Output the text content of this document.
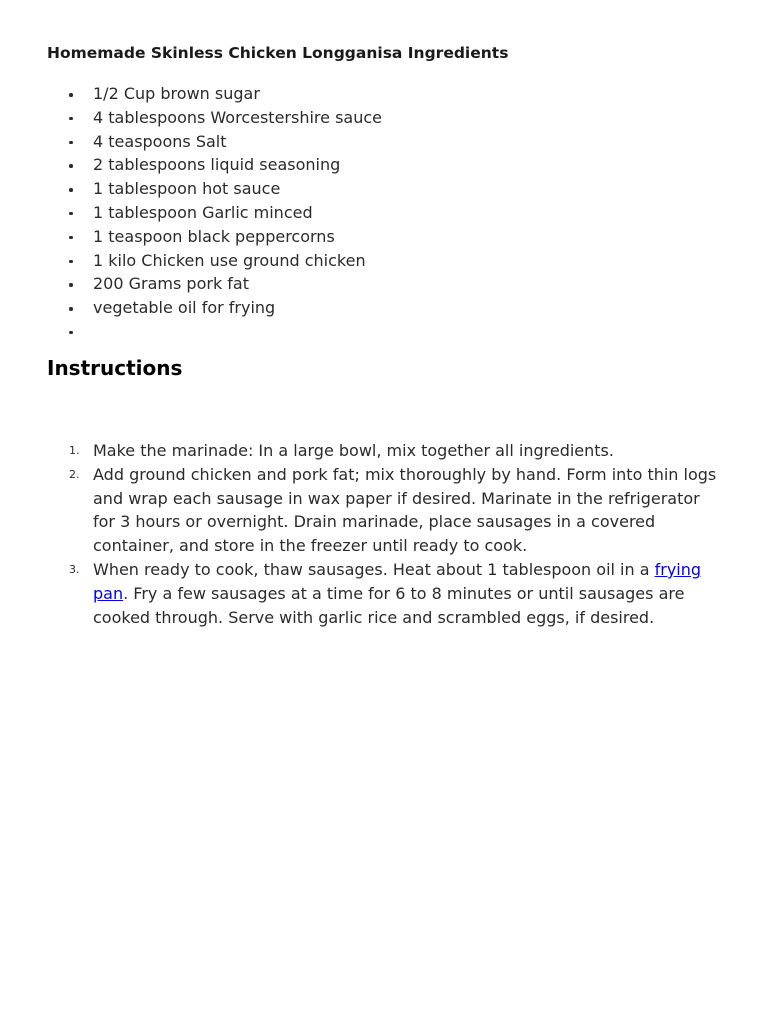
Homemade Skinless Chicken Longganisa Ingredients
1/2 Cup brown sugar
4 tablespoons Worcestershire sauce
4 teaspoons Salt
2 tablespoons liquid seasoning
1 tablespoon hot sauce
1 tablespoon Garlic minced
1 teaspoon black peppercorns
1 kilo Chicken use ground chicken
200 Grams pork fat
vegetable oil for frying
Instructions
1. Make the marinade: In a large bowl, mix together all ingredients.
2. Add ground chicken and pork fat; mix thoroughly by hand. Form into thin logs and wrap each sausage in wax paper if desired. Marinate in the refrigerator for 3 hours or overnight. Drain marinade, place sausages in a covered container, and store in the freezer until ready to cook.
3. When ready to cook, thaw sausages. Heat about 1 tablespoon oil in a frying pan. Fry a few sausages at a time for 6 to 8 minutes or until sausages are cooked through. Serve with garlic rice and scrambled eggs, if desired.
